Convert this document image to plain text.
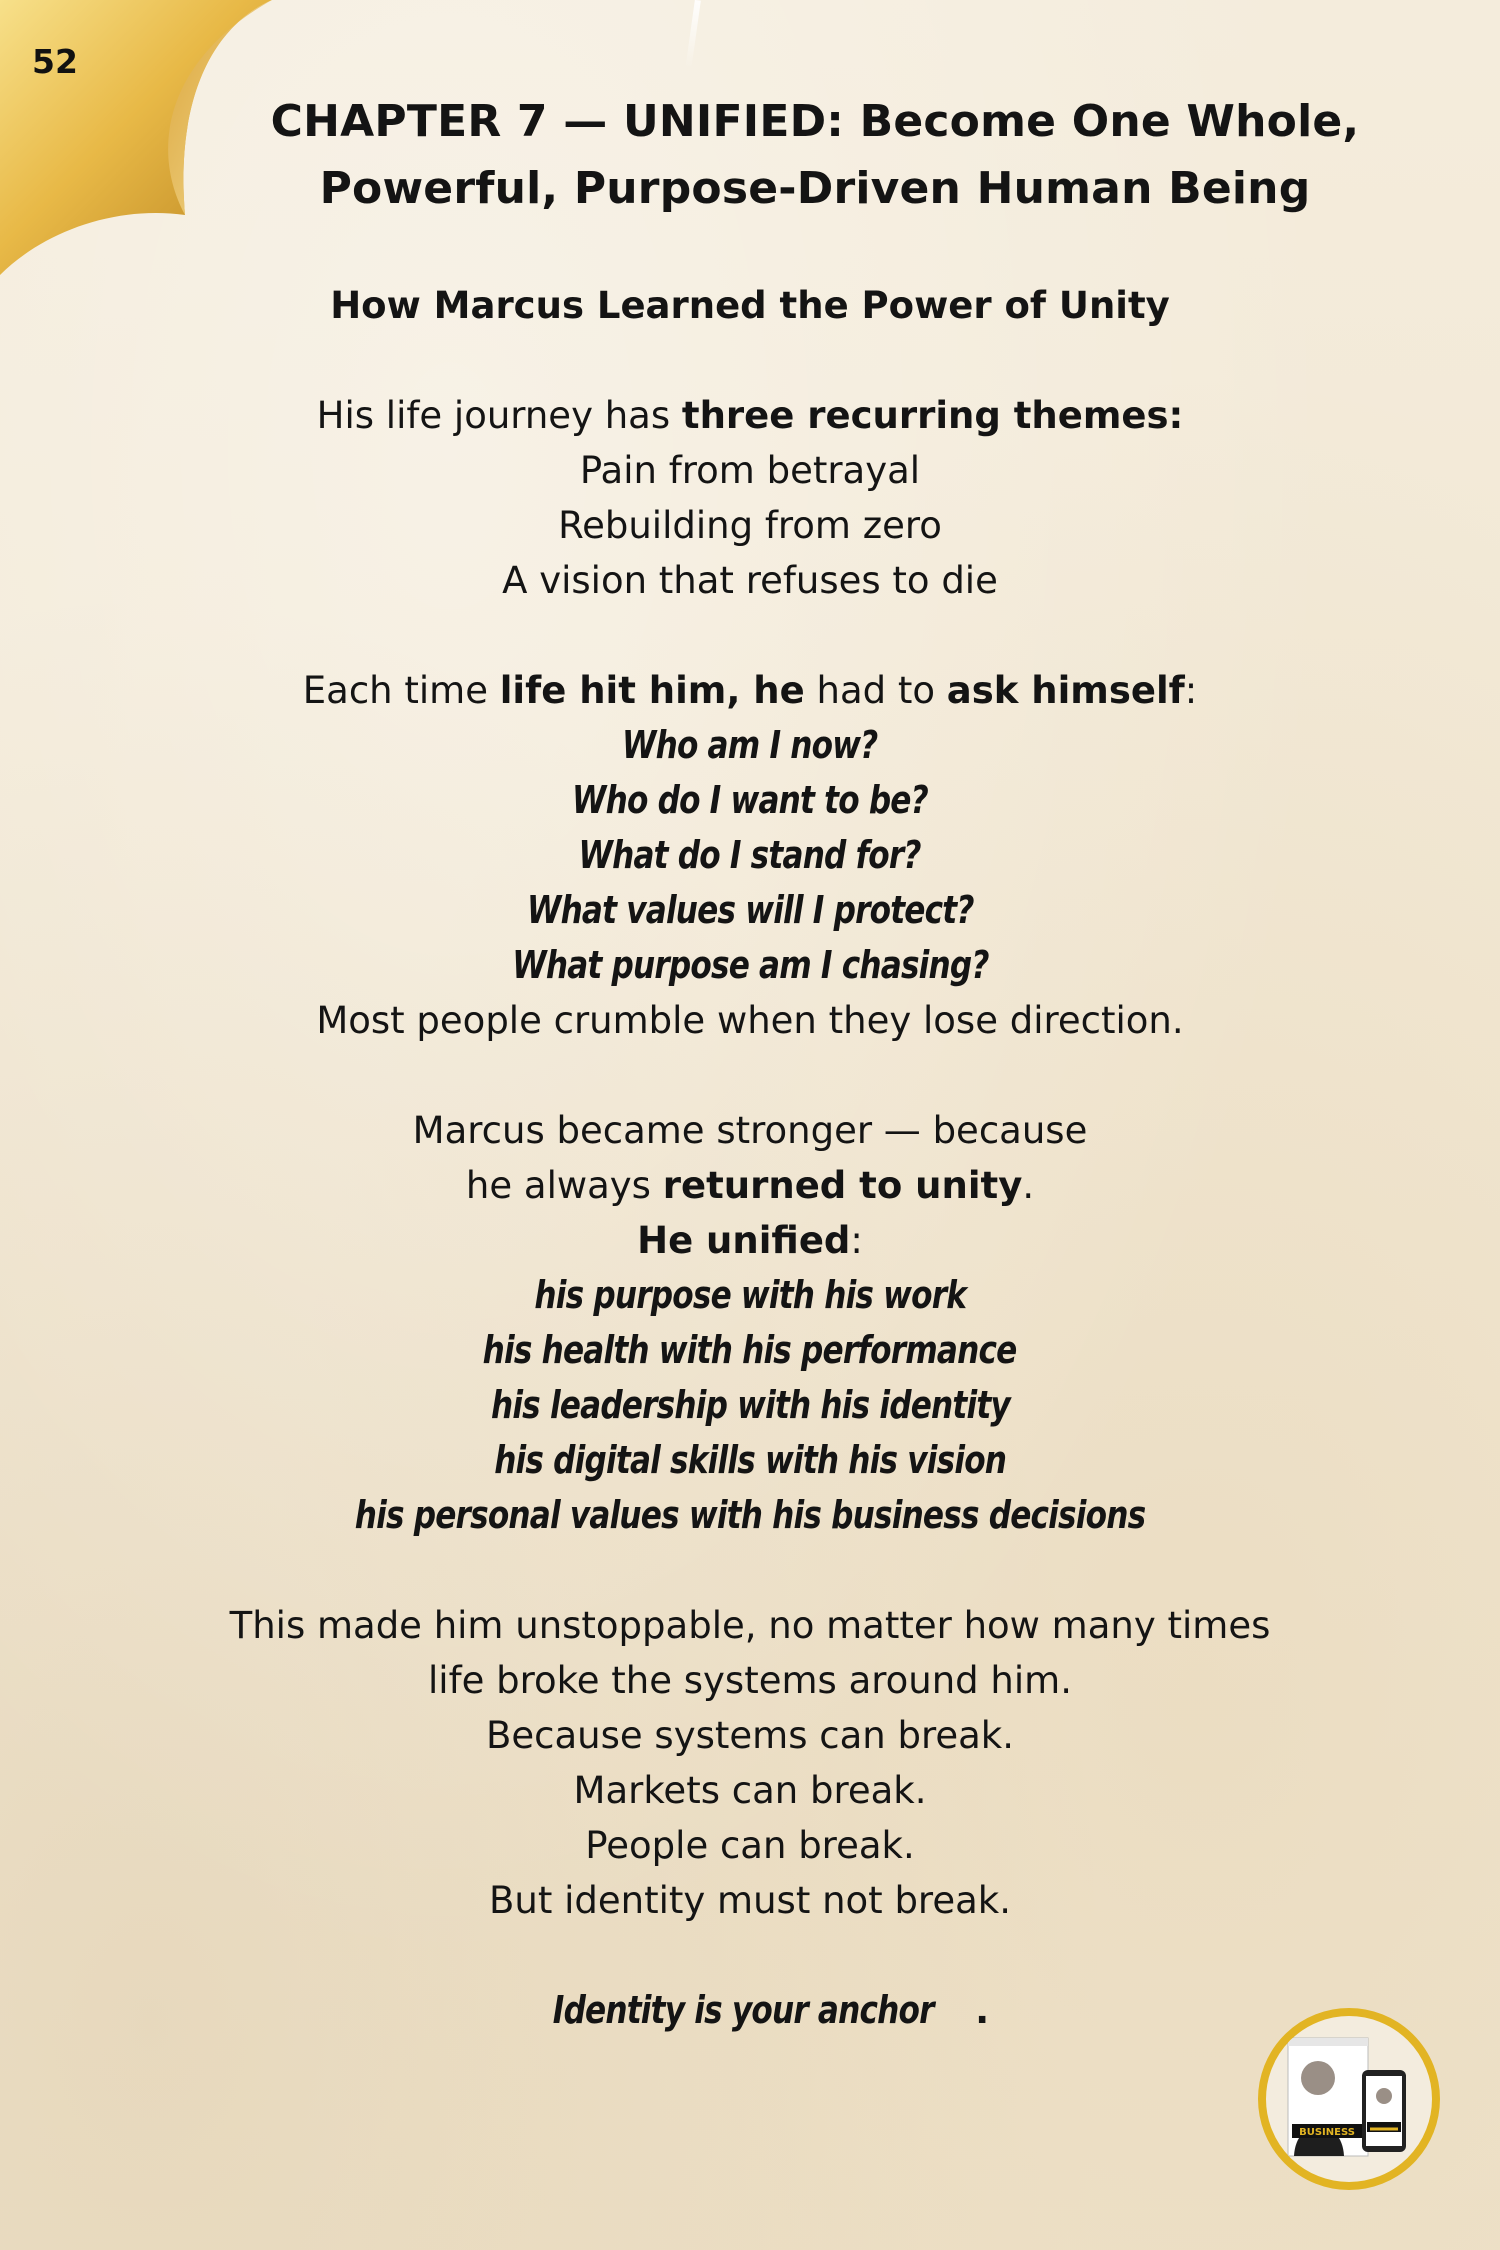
52
CHAPTER 7 — UNIFIED: Become One Whole,
Powerful, Purpose-Driven Human Being
How Marcus Learned the Power of Unity
His life journey has three recurring themes:
Pain from betrayal
Rebuilding from zero
A vision that refuses to die
Each time life hit him, he had to ask himself:
Who am I now?
Who do I want to be?
What do I stand for?
What values will I protect?
What purpose am I chasing?
Most people crumble when they lose direction.
Marcus became stronger — because
he always returned to unity.
He unified:
his purpose with his work
his health with his performance
his leadership with his identity
his digital skills with his vision
his personal values with his business decisions
This made him unstoppable, no matter how many times
life broke the systems around him.
Because systems can break.
Markets can break.
People can break.
But identity must not break.
Identity is your anchor .
BUSINESS
